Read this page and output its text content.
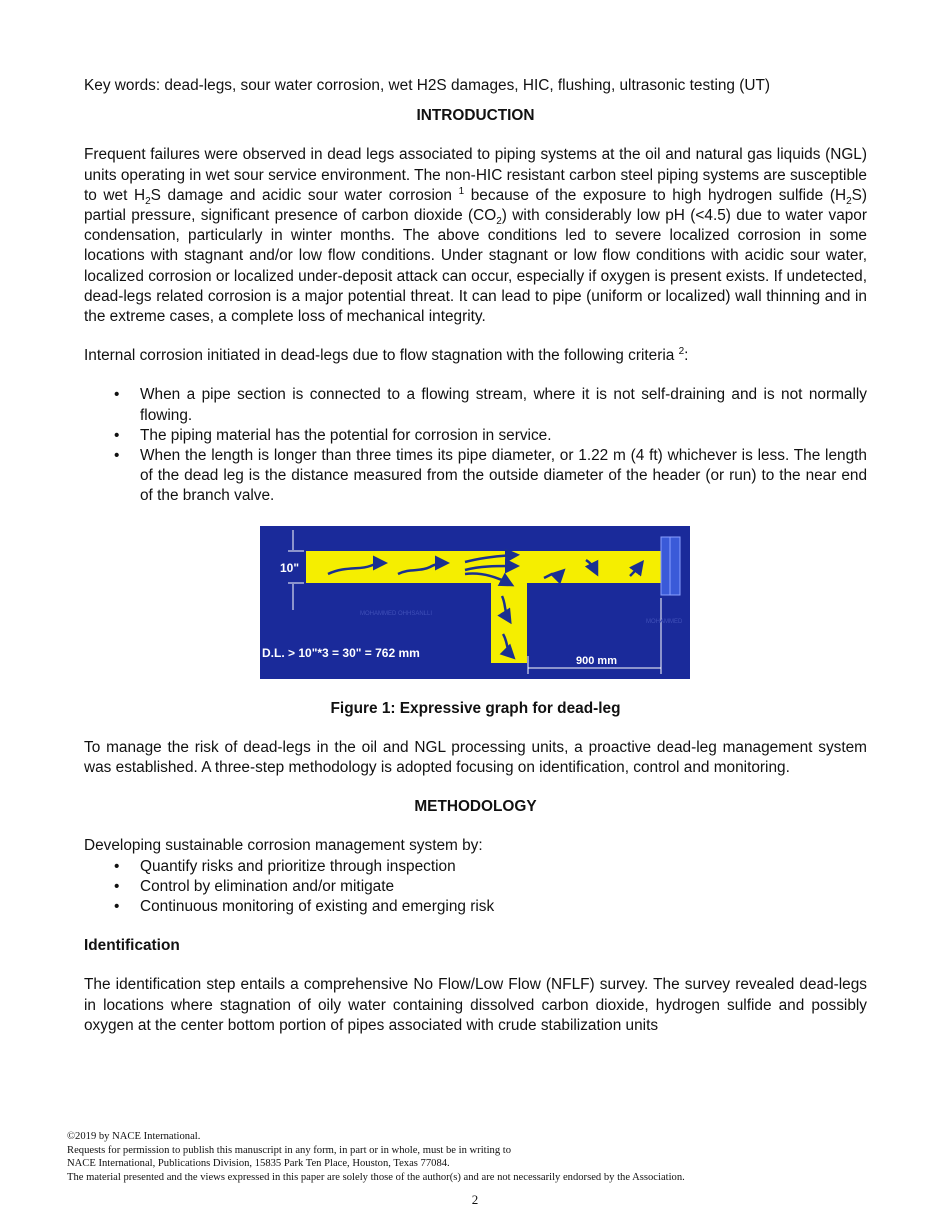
Key words: dead-legs, sour water corrosion, wet H2S damages, HIC, flushing, ultrasonic testing (UT)

INTRODUCTION

Frequent failures were observed in dead legs associated to piping systems at the oil and natural gas liquids (NGL) units operating in wet sour service environment. The non-HIC resistant carbon steel piping systems are susceptible to wet $H_2S$ damage and acidic sour water corrosion $^1$ because of the exposure to high hydrogen sulfide $(H_2S)$ partial pressure, significant presence of carbon dioxide $(CO_2)$ with considerably low pH (<4.5) due to water vapor condensation, particularly in winter months. The above conditions led to severe localized corrosion in some locations with stagnant and/or low flow conditions. Under stagnant or low flow conditions with acidic sour water, localized corrosion or localized under-deposit attack can occur, especially if oxygen is present exists. If undetected, dead-legs related corrosion is a major potential threat. It can lead to pipe (uniform or localized) wall thinning and in the extreme cases, a complete loss of mechanical integrity.

Internal corrosion initiated in dead-legs due to flow stagnation with the following criteria $^2$:

• When a pipe section is connected to a flowing stream, where it is not self-draining and is not normally flowing.
• The piping material has the potential for corrosion in service.
• When the length is longer than three times its pipe diameter, or 1.22 m (4 ft) whichever is less. The length of the dead leg is the distance measured from the outside diameter of the header (or run) to the near end of the branch valve.
10"
900 mm
D.L. > 10"*3 = 30" = 762 mm
MOHAMMED OHHSANLLI
MOHAMMED

Figure 1: Expressive graph for dead-leg

To manage the risk of dead-legs in the oil and NGL processing units, a proactive dead-leg management system was established. A three-step methodology is adopted focusing on identification, control and monitoring.

METHODOLOGY

Developing sustainable corrosion management system by:

• Quantify risks and prioritize through inspection
• Control by elimination and/or mitigate
• Continuous monitoring of existing and emerging risk

Identification

The identification step entails a comprehensive No Flow/Low Flow (NFLF) survey. The survey revealed dead-legs in locations where stagnation of oily water containing dissolved carbon dioxide, hydrogen sulfide and possibly oxygen at the center bottom portion of pipes associated with crude stabilization units

©2019 by NACE International.
Requests for permission to publish this manuscript in any form, in part or in whole, must be in writing to
NACE International, Publications Division, 15835 Park Ten Place, Houston, Texas 77084.
The material presented and the views expressed in this paper are solely those of the author(s) and are not necessarily endorsed by the Association.
2
